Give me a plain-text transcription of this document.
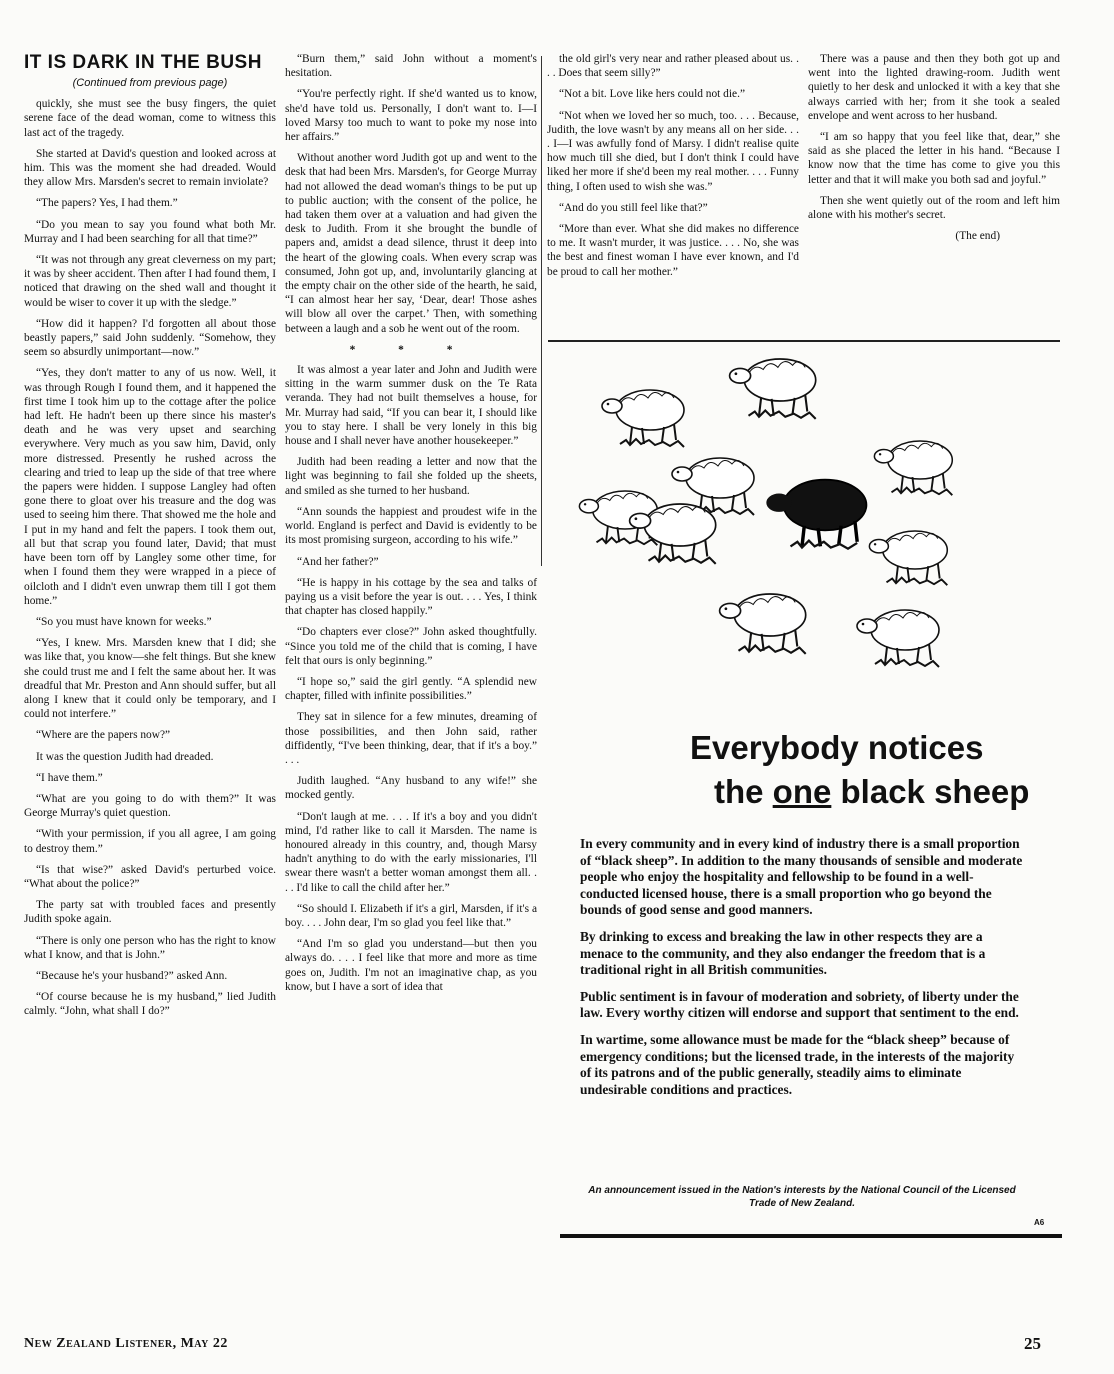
IT IS DARK IN THE BUSH

(Continued from previous page)

quickly, she must see the busy fingers, the quiet serene face of the dead woman, come to witness this last act of the tragedy.

She started at David's question and looked across at him. This was the moment she had dreaded. Would they allow Mrs. Marsden's secret to remain inviolate?

“The papers? Yes, I had them.”

“Do you mean to say you found what both Mr. Murray and I had been searching for all that time?”

“It was not through any great cleverness on my part; it was by sheer accident. Then after I had found them, I noticed that drawing on the shed wall and thought it would be wiser to cover it up with the sledge.”

“How did it happen? I'd forgotten all about those beastly papers,” said John suddenly. “Somehow, they seem so absurdly unimportant—now.”

“Yes, they don't matter to any of us now. Well, it was through Rough I found them, and it happened the first time I took him up to the cottage after the police had left. He hadn't been up there since his master's death and he was very upset and searching everywhere. Very much as you saw him, David, only more distressed. Presently he rushed across the clearing and tried to leap up the side of that tree where the papers were hidden. I suppose Langley had often gone there to gloat over his treasure and the dog was used to seeing him there. That showed me the hole and I put in my hand and felt the papers. I took them out, all but that scrap you found later, David; that must have been torn off by Langley some other time, for when I found them they were wrapped in a piece of oilcloth and I didn't even unwrap them till I got them home.”

“So you must have known for weeks.”

“Yes, I knew. Mrs. Marsden knew that I did; she was like that, you know—she felt things. But she knew she could trust me and I felt the same about her. It was dreadful that Mr. Preston and Ann should suffer, but all along I knew that it could only be temporary, and I could not interfere.”

“Where are the papers now?”

It was the question Judith had dreaded.

“I have them.”

“What are you going to do with them?” It was George Murray's quiet question.

“With your permission, if you all agree, I am going to destroy them.”

“Is that wise?” asked David's perturbed voice. “What about the police?”

The party sat with troubled faces and presently Judith spoke again.

“There is only one person who has the right to know what I know, and that is John.”

“Because he's your husband?” asked Ann.

“Of course because he is my husband,” lied Judith calmly. “John, what shall I do?”

“Burn them,” said John without a moment's hesitation.

“You're perfectly right. If she'd wanted us to know, she'd have told us. Personally, I don't want to. I—I loved Marsy too much to want to poke my nose into her affairs.”

Without another word Judith got up and went to the desk that had been Mrs. Marsden's, for George Murray had not allowed the dead woman's things to be put up to public auction; with the consent of the police, he had taken them over at a valuation and had given the desk to Judith. From it she brought the bundle of papers and, amidst a dead silence, thrust it deep into the heart of the glowing coals. When every scrap was consumed, John got up, and, involuntarily glancing at the empty chair on the other side of the hearth, he said, “I can almost hear her say, ‘Dear, dear! Those ashes will blow all over the carpet.’ Then, with something between a laugh and a sob he went out of the room.

* * *

It was almost a year later and John and Judith were sitting in the warm summer dusk on the Te Rata veranda. They had not built themselves a house, for Mr. Murray had said, “If you can bear it, I should like you to stay here. I shall be very lonely in this big house and I shall never have another housekeeper.”

Judith had been reading a letter and now that the light was beginning to fail she folded up the sheets, and smiled as she turned to her husband.

“Ann sounds the happiest and proudest wife in the world. England is perfect and David is evidently to be its most promising surgeon, according to his wife.”

“And her father?”

“He is happy in his cottage by the sea and talks of paying us a visit before the year is out. . . . Yes, I think that chapter has closed happily.”

“Do chapters ever close?” John asked thoughtfully. “Since you told me of the child that is coming, I have felt that ours is only beginning.”

“I hope so,” said the girl gently. “A splendid new chapter, filled with infinite possibilities.”

They sat in silence for a few minutes, dreaming of those possibilities, and then John said, rather diffidently, “I've been thinking, dear, that if it's a boy.” . . .

Judith laughed. “Any husband to any wife!” she mocked gently.

“Don't laugh at me. . . . If it's a boy and you didn't mind, I'd rather like to call it Marsden. The name is honoured already in this country, and, though Marsy hadn't anything to do with the early missionaries, I'll swear there wasn't a better woman amongst them all. . . . I'd like to call the child after her.”

“So should I. Elizabeth if it's a girl, Marsden, if it's a boy. . . . John dear, I'm so glad you feel like that.”

“And I'm so glad you understand—but then you always do. . . . I feel like that more and more as time goes on, Judith. I'm not an imaginative chap, as you know, but I have a sort of idea that

the old girl's very near and rather pleased about us. . . . Does that seem silly?”

“Not a bit. Love like hers could not die.”

“Not when we loved her so much, too. . . . Because, Judith, the love wasn't by any means all on her side. . . . I—I was awfully fond of Marsy. I didn't realise quite how much till she died, but I don't think I could have liked her more if she'd been my real mother. . . . Funny thing, I often used to wish she was.”

“And do you still feel like that?”

“More than ever. What she did makes no difference to me. It wasn't murder, it was justice. . . . No, she was the best and finest woman I have ever known, and I'd be proud to call her mother.”

There was a pause and then they both got up and went into the lighted drawing-room. Judith went quietly to her desk and unlocked it with a key that she always carried with her; from it she took a sealed envelope and went across to her husband.

“I am so happy that you feel like that, dear,” she said as she placed the letter in his hand. “Because I know now that the time has come to give you this letter and that it will make you both sad and joyful.”

Then she went quietly out of the room and left him alone with his mother's secret.

(The end)
Everybody notices
the one black sheep

In every community and in every kind of industry there is a small proportion of “black sheep”. In addition to the many thousands of sensible and moderate people who enjoy the hospitality and fellowship to be found in a well-conducted licensed house, there is a small proportion who go beyond the bounds of good sense and good manners.

By drinking to excess and breaking the law in other respects they are a menace to the community, and they also endanger the freedom that is a traditional right in all British communities.

Public sentiment is in favour of moderation and sobriety, of liberty under the law. Every worthy citizen will endorse and support that sentiment to the end.

In wartime, some allowance must be made for the “black sheep” because of emergency conditions; but the licensed trade, in the interests of the majority of its patrons and of the public generally, steadily aims to eliminate undesirable conditions and practices.

An announcement issued in the Nation's interests by the National Council of the Licensed Trade of New Zealand.
A6
New Zealand Listener, May 22	25
